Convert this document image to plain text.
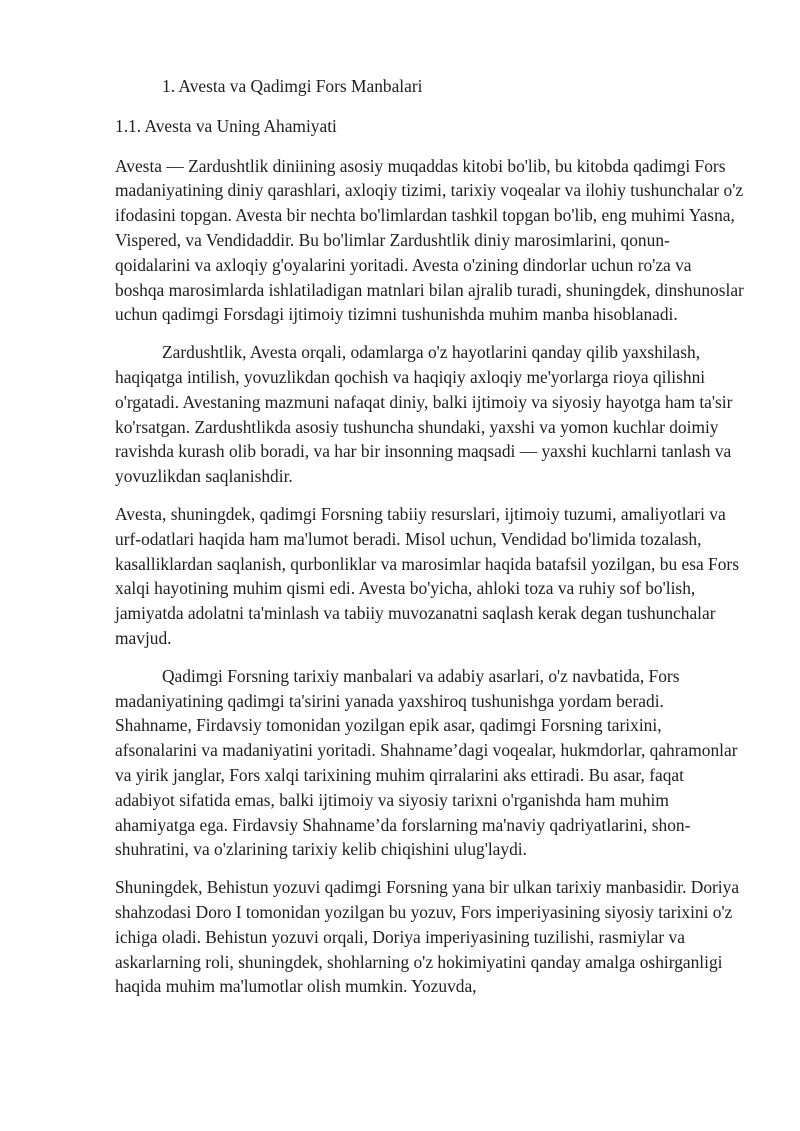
1. Avesta va Qadimgi Fors Manbalari

1.1. Avesta va Uning Ahamiyati

Avesta — Zardushtlik diniining asosiy muqaddas kitobi bo'lib, bu kitobda qadimgi Fors madaniyatining diniy qarashlari, axloqiy tizimi, tarixiy voqealar va ilohiy tushunchalar o'z ifodasini topgan. Avesta bir nechta bo'limlardan tashkil topgan bo'lib, eng muhimi Yasna, Vispered, va Vendidaddir. Bu bo'limlar Zardushtlik diniy marosimlarini, qonun-qoidalarini va axloqiy g'oyalarini yoritadi. Avesta o'zining dindorlar uchun ro'za va boshqa marosimlarda ishlatiladigan matnlari bilan ajralib turadi, shuningdek, dinshunoslar uchun qadimgi Forsdagi ijtimoiy tizimni tushunishda muhim manba hisoblanadi.

Zardushtlik, Avesta orqali, odamlarga o'z hayotlarini qanday qilib yaxshilash, haqiqatga intilish, yovuzlikdan qochish va haqiqiy axloqiy me'yorlarga rioya qilishni o'rgatadi. Avestaning mazmuni nafaqat diniy, balki ijtimoiy va siyosiy hayotga ham ta'sir ko'rsatgan. Zardushtlikda asosiy tushuncha shundaki, yaxshi va yomon kuchlar doimiy ravishda kurash olib boradi, va har bir insonning maqsadi — yaxshi kuchlarni tanlash va yovuzlikdan saqlanishdir.

Avesta, shuningdek, qadimgi Forsning tabiiy resurslari, ijtimoiy tuzumi, amaliyotlari va urf-odatlari haqida ham ma'lumot beradi. Misol uchun, Vendidad bo'limida tozalash, kasalliklardan saqlanish, qurbonliklar va marosimlar haqida batafsil yozilgan, bu esa Fors xalqi hayotining muhim qismi edi. Avesta bo'yicha, ahloki toza va ruhiy sof bo'lish, jamiyatda adolatni ta'minlash va tabiiy muvozanatni saqlash kerak degan tushunchalar mavjud.

Qadimgi Forsning tarixiy manbalari va adabiy asarlari, o'z navbatida, Fors madaniyatining qadimgi ta'sirini yanada yaxshiroq tushunishga yordam beradi. Shahname, Firdavsiy tomonidan yozilgan epik asar, qadimgi Forsning tarixini, afsonalarini va madaniyatini yoritadi. Shahname’dagi voqealar, hukmdorlar, qahramonlar va yirik janglar, Fors xalqi tarixining muhim qirralarini aks ettiradi. Bu asar, faqat adabiyot sifatida emas, balki ijtimoiy va siyosiy tarixni o'rganishda ham muhim ahamiyatga ega. Firdavsiy Shahname’da forslarning ma'naviy qadriyatlarini, shon-shuhratini, va o'zlarining tarixiy kelib chiqishini ulug'laydi.

Shuningdek, Behistun yozuvi qadimgi Forsning yana bir ulkan tarixiy manbasidir. Doriya shahzodasi Doro I tomonidan yozilgan bu yozuv, Fors imperiyasining siyosiy tarixini o'z ichiga oladi. Behistun yozuvi orqali, Doriya imperiyasining tuzilishi, rasmiylar va askarlarning roli, shuningdek, shohlarning o'z hokimiyatini qanday amalga oshirganligi haqida muhim ma'lumotlar olish mumkin. Yozuvda,
